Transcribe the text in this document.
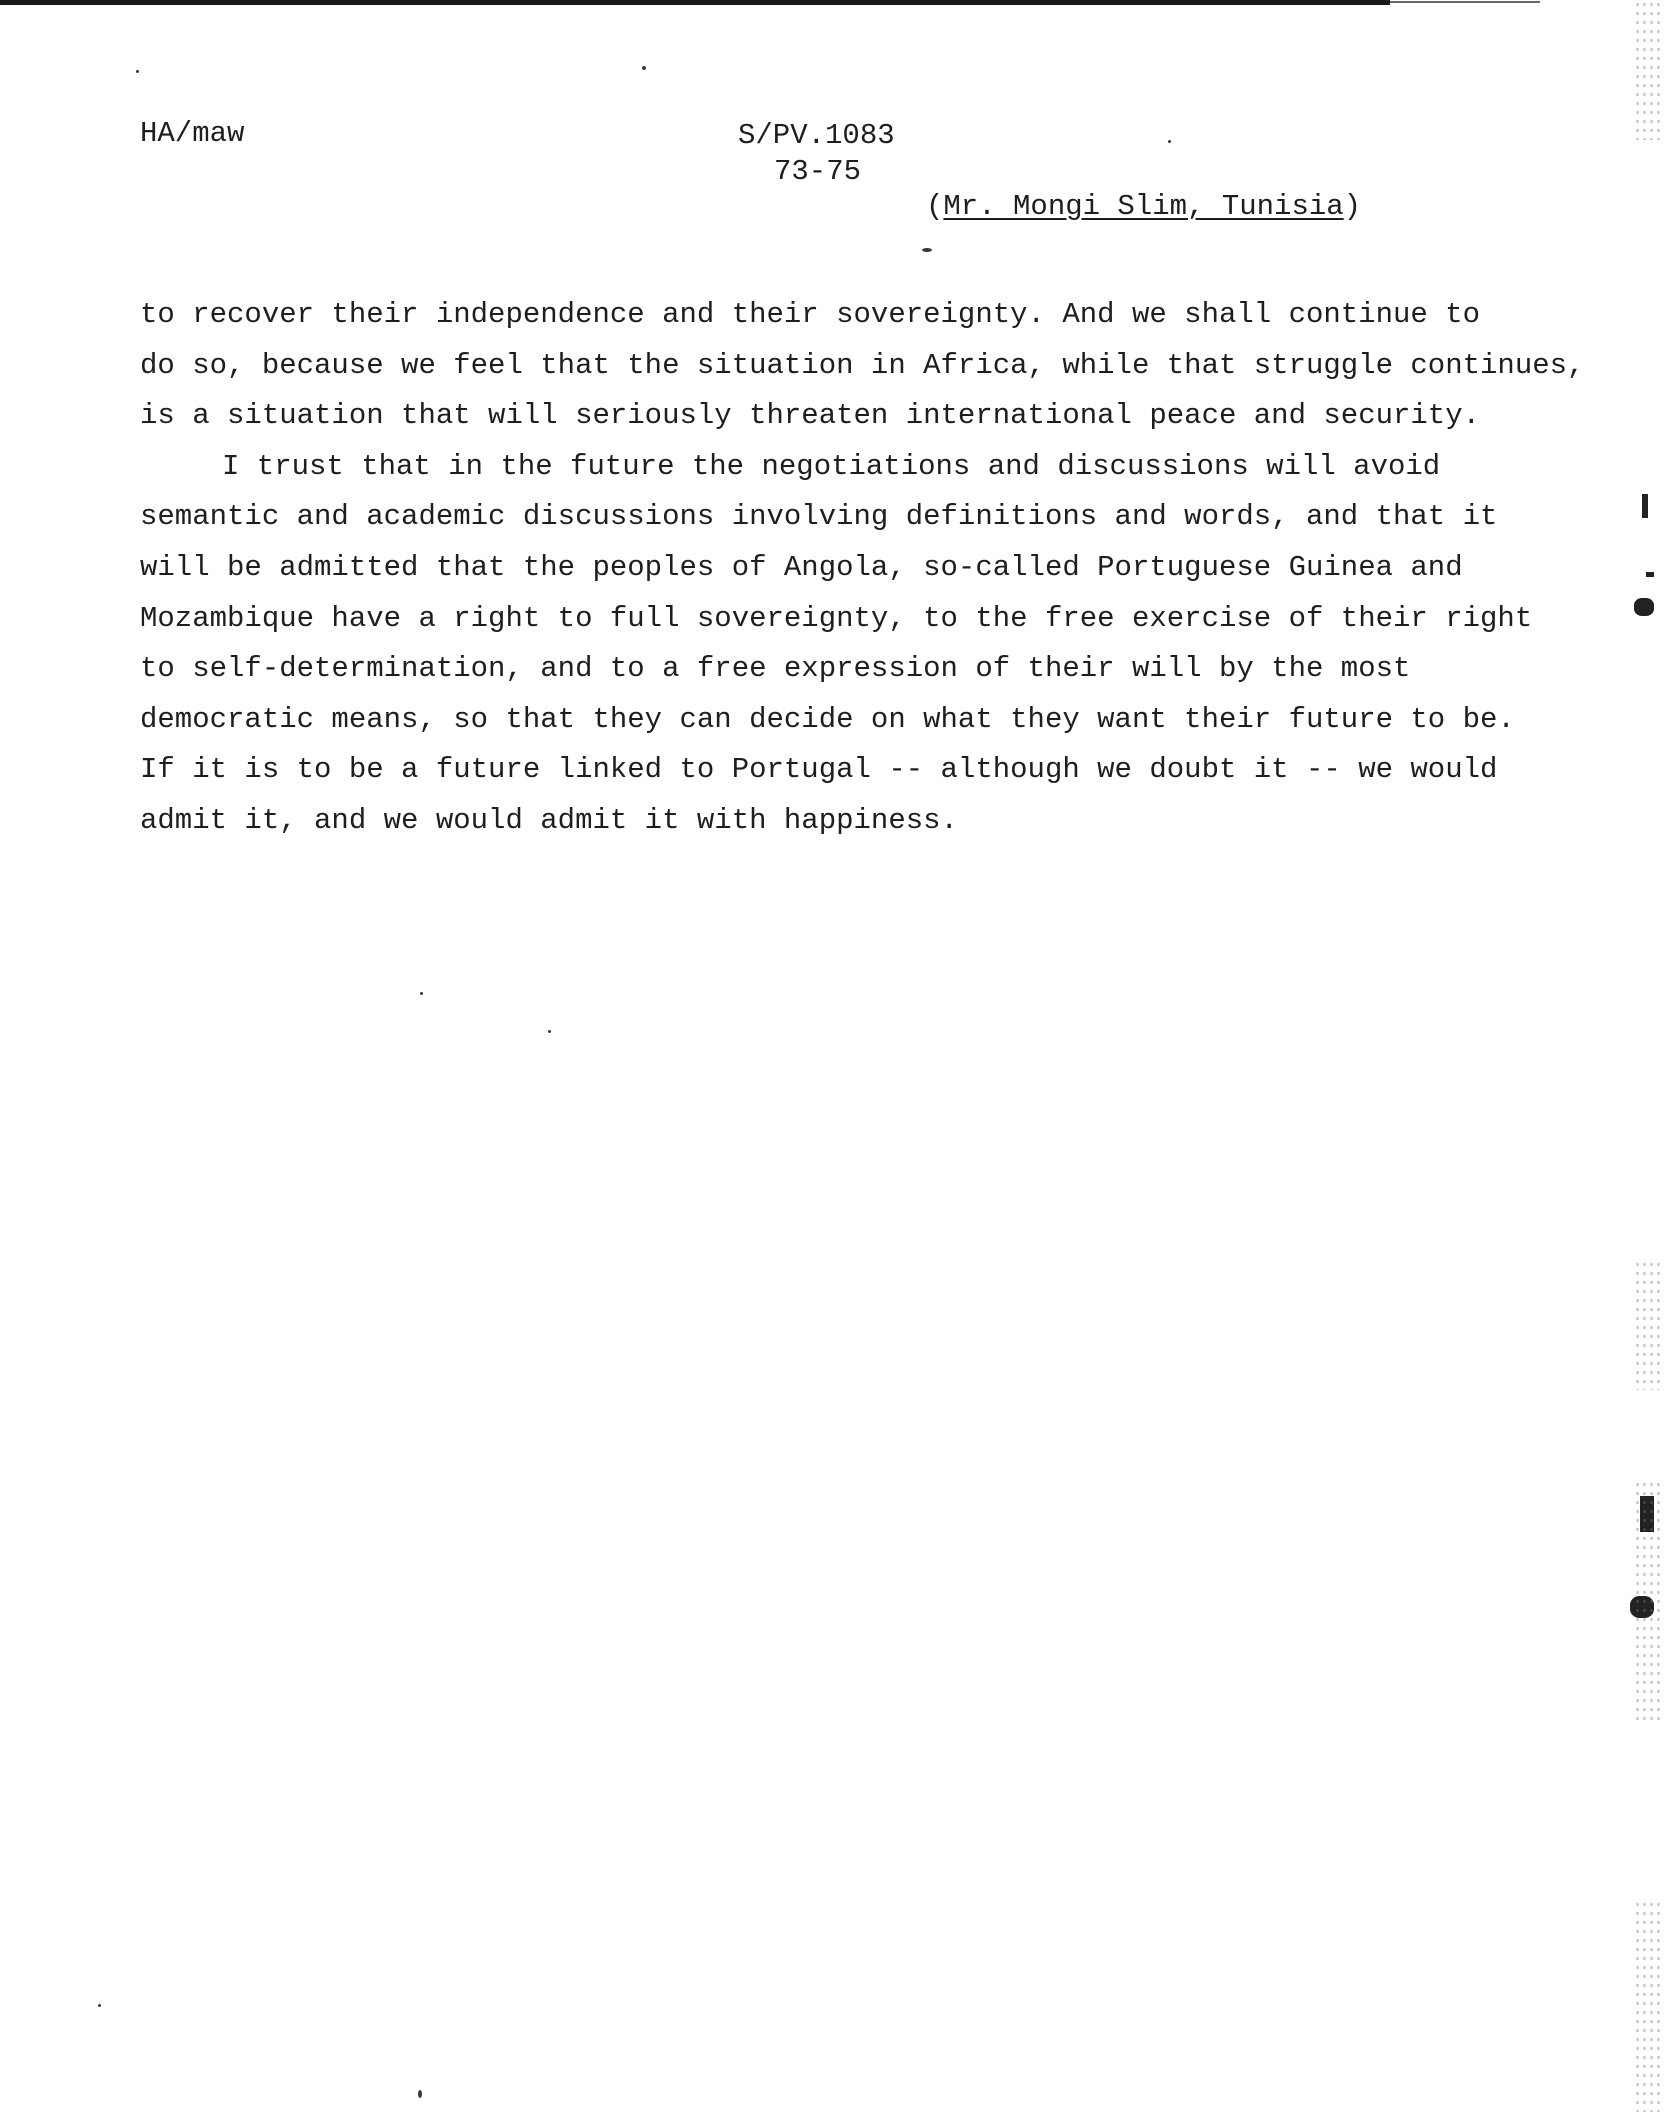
HA/maw	S/PV.1083
73-75
(Mr. Mongi Slim, Tunisia)
to recover their independence and their sovereignty. And we shall continue to
do so, because we feel that the situation in Africa, while that struggle continues,
is a situation that will seriously threaten international peace and security.
I trust that in the future the negotiations and discussions will avoid
semantic and academic discussions involving definitions and words, and that it
will be admitted that the peoples of Angola, so-called Portuguese Guinea and
Mozambique have a right to full sovereignty, to the free exercise of their right
to self-determination, and to a free expression of their will by the most
democratic means, so that they can decide on what they want their future to be.
If it is to be a future linked to Portugal -- although we doubt it -- we would
admit it, and we would admit it with happiness.
